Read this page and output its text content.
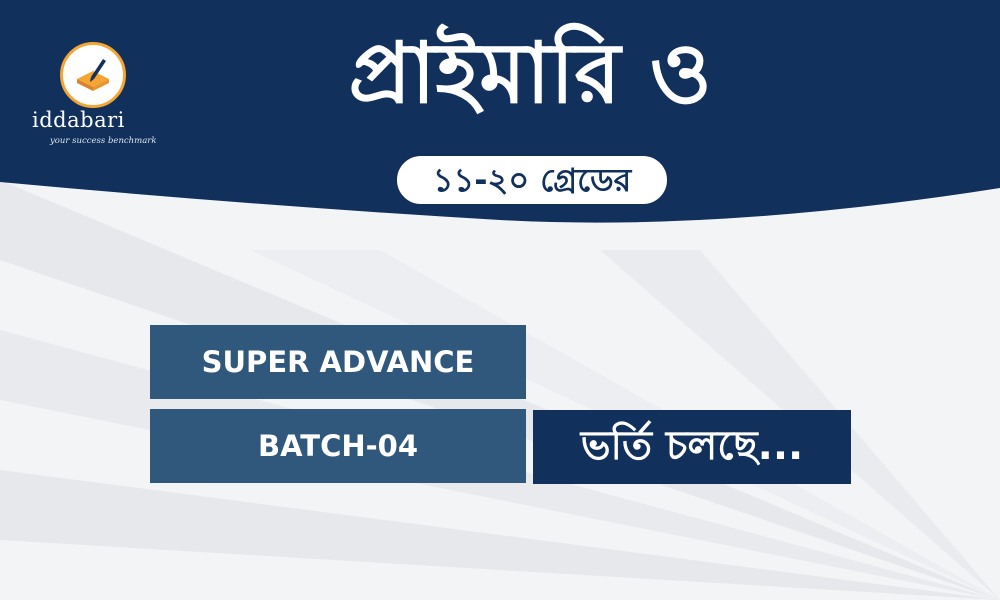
iddabari
your success benchmark
প্রাইমারি ও
১১-২০ গ্রেডের
SUPER ADVANCE
BATCH-04	ভর্তি চলছে...
